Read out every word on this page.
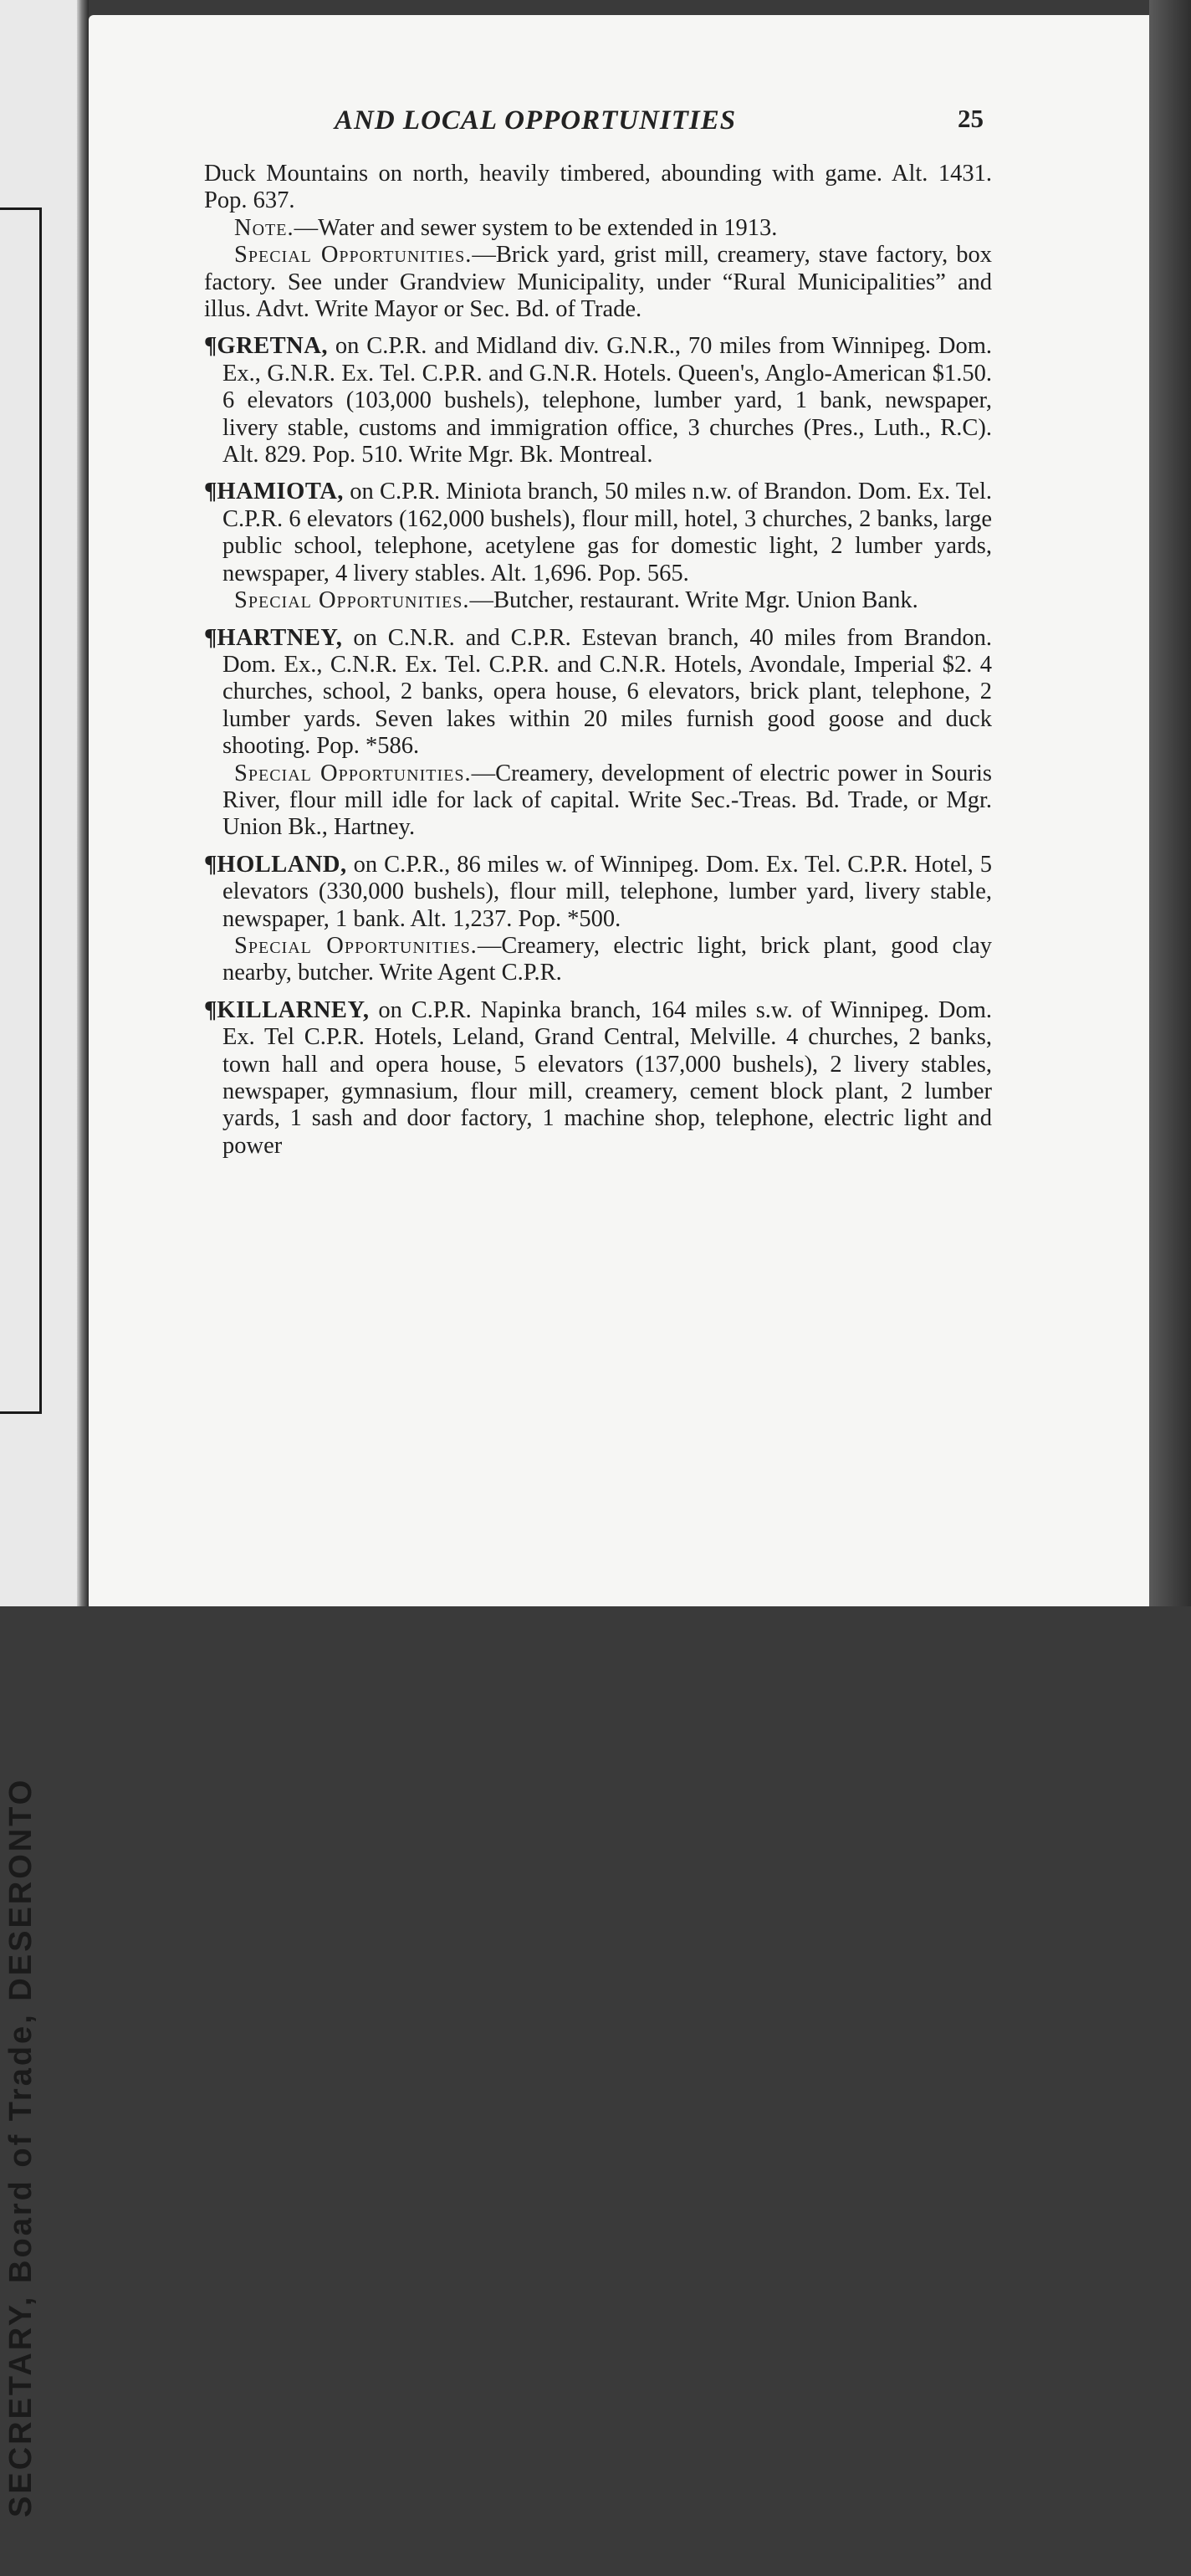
SECRETARY, Board of Trade, DESERONTO
AND LOCAL OPPORTUNITIES	25

Duck Mountains on north, heavily timbered, abounding with game. Alt. 1431. Pop. 637.

Note.—Water and sewer system to be extended in 1913.

Special Opportunities.—Brick yard, grist mill, creamery, stave factory, box factory. See under Grandview Municipality, under “Rural Municipalities” and illus. Advt. Write Mayor or Sec. Bd. of Trade.

¶GRETNA, on C.P.R. and Midland div. G.N.R., 70 miles from Winnipeg. Dom. Ex., G.N.R. Ex. Tel. C.P.R. and G.N.R. Hotels. Queen's, Anglo-American $1.50. 6 elevators (103,000 bushels), telephone, lumber yard, 1 bank, newspaper, livery stable, customs and immigration office, 3 churches (Pres., Luth., R.C). Alt. 829. Pop. 510. Write Mgr. Bk. Montreal.

¶HAMIOTA, on C.P.R. Miniota branch, 50 miles n.w. of Brandon. Dom. Ex. Tel. C.P.R. 6 elevators (162,000 bushels), flour mill, hotel, 3 churches, 2 banks, large public school, telephone, acetylene gas for domestic light, 2 lumber yards, newspaper, 4 livery stables. Alt. 1,696. Pop. 565.

Special Opportunities.—Butcher, restaurant. Write Mgr. Union Bank.

¶HARTNEY, on C.N.R. and C.P.R. Estevan branch, 40 miles from Brandon. Dom. Ex., C.N.R. Ex. Tel. C.P.R. and C.N.R. Hotels, Avondale, Imperial $2. 4 churches, school, 2 banks, opera house, 6 elevators, brick plant, telephone, 2 lumber yards. Seven lakes within 20 miles furnish good goose and duck shooting. Pop. *586.

Special Opportunities.—Creamery, development of electric power in Souris River, flour mill idle for lack of capital. Write Sec.-Treas. Bd. Trade, or Mgr. Union Bk., Hartney.

¶HOLLAND, on C.P.R., 86 miles w. of Winnipeg. Dom. Ex. Tel. C.P.R. Hotel, 5 elevators (330,000 bushels), flour mill, telephone, lumber yard, livery stable, newspaper, 1 bank. Alt. 1,237. Pop. *500.

Special Opportunities.—Creamery, electric light, brick plant, good clay nearby, butcher. Write Agent C.P.R.

¶KILLARNEY, on C.P.R. Napinka branch, 164 miles s.w. of Winnipeg. Dom. Ex. Tel C.P.R. Hotels, Leland, Grand Central, Melville. 4 churches, 2 banks, town hall and opera house, 5 elevators (137,000 bushels), 2 livery stables, newspaper, gymnasium, flour mill, creamery, cement block plant, 2 lumber yards, 1 sash and door factory, 1 machine shop, telephone, electric light and power
